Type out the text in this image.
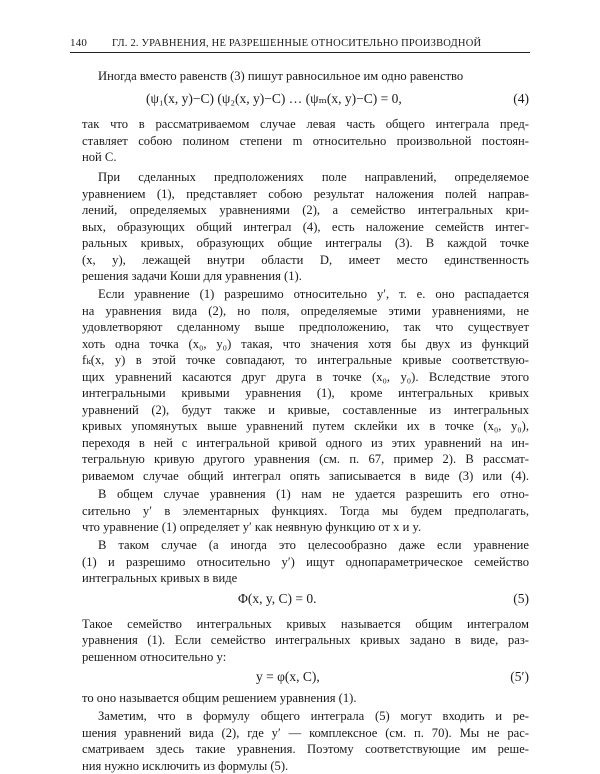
140 ГЛ. 2. УРАВНЕНИЯ, НЕ РАЗРЕШЕННЫЕ ОТНОСИТЕЛЬНО ПРОИЗВОДНОЙ
Иногда вместо равенств (3) пишут равносильное им одно равенство
(ψ₁(x, y)−C) (ψ₂(x, y)−C) … (ψₘ(x, y)−C) = 0,	(4)
так что в рассматриваемом случае левая часть общего интеграла пред-
ставляет собою полином степени m относительно произвольной постоян-
ной C.
При сделанных предположениях поле направлений, определяемое
уравнением (1), представляет собою результат наложения полей направ-
лений, определяемых уравнениями (2), а семейство интегральных кри-
вых, образующих общий интеграл (4), есть наложение семейств интег-
ральных кривых, образующих общие интегралы (3). В каждой точке
(x, y), лежащей внутри области D, имеет место единственность
решения задачи Коши для уравнения (1).
Если уравнение (1) разрешимо относительно y′, т. е. оно распадается
на уравнения вида (2), но поля, определяемые этими уравнениями, не
удовлетворяют сделанному выше предположению, так что существует
хоть одна точка (x₀, y₀) такая, что значения хотя бы двух из функций
fₖ(x, y) в этой точке совпадают, то интегральные кривые соответствую-
щих уравнений касаются друг друга в точке (x₀, y₀). Вследствие этого
интегральными кривыми уравнения (1), кроме интегральных кривых
уравнений (2), будут также и кривые, составленные из интегральных
кривых упомянутых выше уравнений путем склейки их в точке (x₀, y₀),
переходя в ней с интегральной кривой одного из этих уравнений на ин-
тегральную кривую другого уравнения (см. п. 67, пример 2). В рассмат-
риваемом случае общий интеграл опять записывается в виде (3) или (4).
В общем случае уравнения (1) нам не удается разрешить его отно-
сительно y′ в элементарных функциях. Тогда мы будем предполагать,
что уравнение (1) определяет y′ как неявную функцию от x и y.
В таком случае (а иногда это целесообразно даже если уравнение
(1) и разрешимо относительно y′) ищут однопараметрическое семейство
интегральных кривых в виде
Φ(x, y, C) = 0.	(5)
Такое семейство интегральных кривых называется общим интегралом
уравнения (1). Если семейство интегральных кривых задано в виде, раз-
решенном относительно y:
y = φ(x, C),	(5′)
то оно называется общим решением уравнения (1).
Заметим, что в формулу общего интеграла (5) могут входить и ре-
шения уравнений вида (2), где y′ — комплексное (см. п. 70). Мы не рас-
сматриваем здесь такие уравнения. Поэтому соответствующие им реше-
ния нужно исключить из формулы (5).
